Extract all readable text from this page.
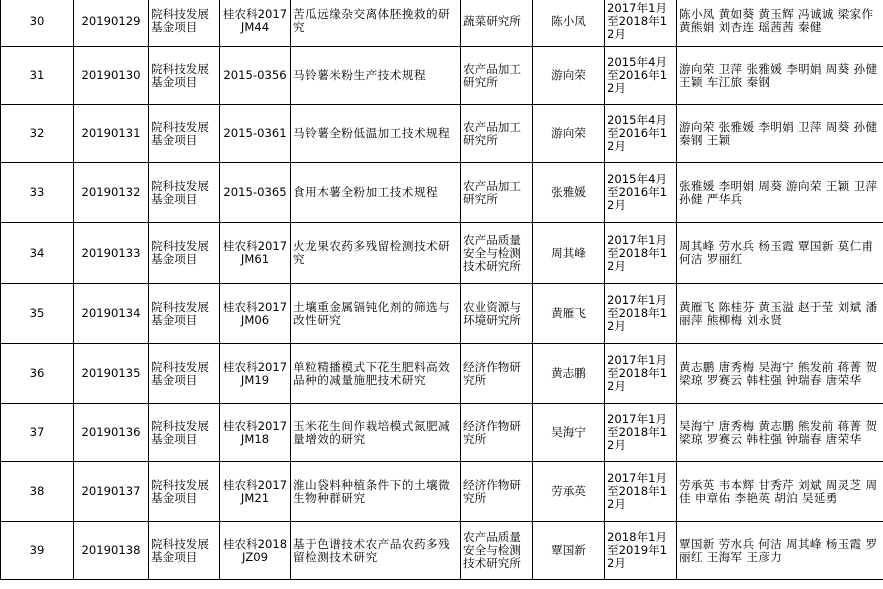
30	20190129	院科技发展基金项目	桂农科2017JM44	苦瓜远缘杂交离体胚挽救的研究	蔬菜研究所	陈小凤	2017年1月至2018年12月	陈小凤 黄如葵 黄玉辉 冯诚诚 梁家作 黄熊娟 刘杏连 瑶茜茜 秦健
31	20190130	院科技发展基金项目	2015-0356	马铃薯米粉生产技术规程	农产品加工研究所	游向荣	2015年4月至2016年12月	游向荣 卫萍 张雅媛 李明娟 周葵 孙健 王颖 车江旅 秦钢
32	20190131	院科技发展基金项目	2015-0361	马铃薯全粉低温加工技术规程	农产品加工研究所	游向荣	2015年4月至2016年12月	游向荣 张雅媛 李明娟 卫萍 周葵 孙健 秦钢 王颖
33	20190132	院科技发展基金项目	2015-0365	食用木薯全粉加工技术规程	农产品加工研究所	张雅媛	2015年4月至2016年12月	张雅媛 李明娟 周葵 游向荣 王颖 卫萍 孙健 严华兵
34	20190133	院科技发展基金项目	桂农科2017JM61	火龙果农药多残留检测技术研究	农产品质量安全与检测技术研究所	周其峰	2017年1月至2018年12月	周其峰 劳水兵 杨玉霞 覃国新 莫仁甫 何洁 罗丽红
35	20190134	院科技发展基金项目	桂农科2017JM06	土壤重金属镉钝化剂的筛选与改性研究	农业资源与环境研究所	黄雁飞	2017年1月至2018年12月	黄雁飞 陈桂芬 黄玉溢 赵于莹 刘斌 潘丽萍 熊柳梅 刘永贤
36	20190135	院科技发展基金项目	桂农科2017JM19	单粒精播模式下花生肥料高效品种的减量施肥技术研究	经济作物研究所	黄志鹏	2017年1月至2018年12月	黄志鹏 唐秀梅 吴海宁 熊发前 蒋菁 贺梁琼 罗赛云 韩柱强 钟瑞春 唐荣华
37	20190136	院科技发展基金项目	桂农科2017JM18	玉米花生间作栽培模式氮肥减量增效的研究	经济作物研究所	吴海宁	2017年1月至2018年12月	吴海宁 唐秀梅 黄志鹏 熊发前 蒋菁 贺梁琼 罗赛云 韩柱强 钟瑞春 唐荣华
38	20190137	院科技发展基金项目	桂农科2017JM21	淮山袋料种植条件下的土壤微生物种群研究	经济作物研究所	劳承英	2017年1月至2018年12月	劳承英 韦本辉 甘秀芹 刘斌 周灵芝 周佳 申章佑 李艳英 胡泊 吴延勇
39	20190138	院科技发展基金项目	桂农科2018JZ09	基于色谱技术农产品农药多残留检测技术研究	农产品质量安全与检测技术研究所	覃国新	2018年1月至2019年12月	覃国新 劳水兵 何洁 周其峰 杨玉霞 罗丽红 王海军 王彦力
